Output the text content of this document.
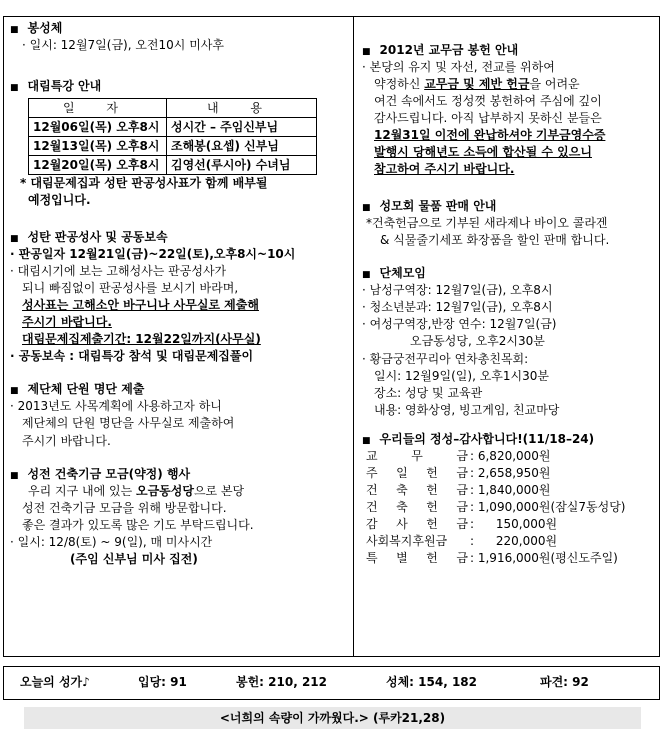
■ 봉성체
· 일시: 12월7일(금), 오전10시 미사후
■ 대림특강 안내
일 자	내 용
12월06일(목) 오후8시	성시간 – 주임신부님
12월13일(목) 오후8시	조해봉(요셉) 신부님
12월20일(목) 오후8시	김영선(루시아) 수녀님
* 대림문제집과 성탄 판공성사표가 함께 배부될
예정입니다.
■ 성탄 판공성사 및 공동보속
· 판공일자 12월21일(금)~22일(토),오후8시~10시
· 대림시기에 보는 고해성사는 판공성사가
되니 빠짐없이 판공성사를 보시기 바라며,
성사표는 고해소안 바구니나 사무실로 제출해
주시기 바랍니다.
대림문제집제출기간: 12월22일까지(사무실)
· 공동보속 : 대림특강 참석 및 대림문제집풀이
■ 제단체 단원 명단 제출
· 2013년도 사목계획에 사용하고자 하니
제단체의 단원 명단을 사무실로 제출하여
주시기 바랍니다.
■ 성전 건축기금 모금(약정) 행사
우리 지구 내에 있는 오금동성당으로 본당
성전 건축기금 모금을 위해 방문합니다.
좋은 결과가 있도록 많은 기도 부탁드립니다.
· 일시: 12/8(토) ~ 9(일), 매 미사시간
(주임 신부님 미사 집전)
■ 2012년 교무금 봉헌 안내
· 본당의 유지 및 자선, 전교를 위하여
약정하신 교무금 및 제반 헌금을 어려운
여건 속에서도 정성껏 봉헌하여 주심에 깊이
감사드립니다. 아직 납부하지 못하신 분들은
12월31일 이전에 완납하셔야 기부금영수증
발행시 당해년도 소득에 합산될 수 있으니
참고하여 주시기 바랍니다.
■ 성모회 물품 판매 안내
*건축헌금으로 기부된 새라제나 바이오 콜라겐
& 식물줄기세포 화장품을 할인 판매 합니다.
■ 단체모임
· 남성구역장: 12월7일(금), 오후8시
· 청소년분과: 12월7일(금), 오후8시
· 여성구역장,반장 연수: 12월7일(금)
오금동성당, 오후2시30분
· 황금궁전꾸리아 연차총친목회:
일시: 12월9일(일), 오후1시30분
장소: 성당 및 교육관
내용: 영화상영, 빙고게임, 친교마당
■ 우리들의 정성–감사합니다!(11/18–24)
교 무 금 : 6,820,000원
주 일 헌 금 : 2,658,950원
건 축 헌 금 : 1,840,000원
건 축 헌 금 : 1,090,000원(잠실7동성당)
감 사 헌 금 :	150,000원
사회복지후원금	:	220,000원
특 별 헌 금 : 1,916,000원(평신도주일)
오늘의 성가♪	입당: 91	봉헌: 210, 212	성체: 154, 182	파견: 92
<너희의 속량이 가까웠다.> (루카21,28)
